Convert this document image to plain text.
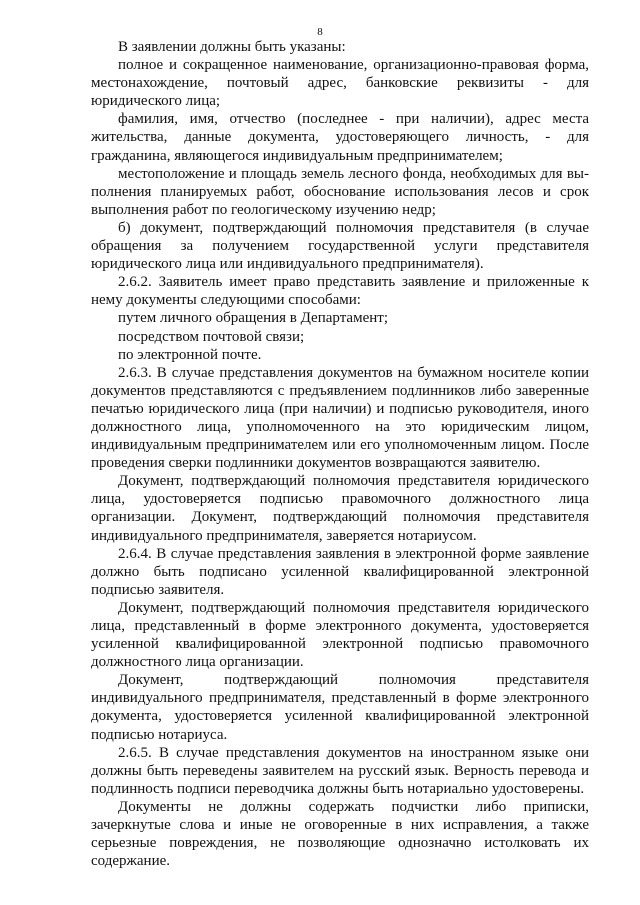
8

В заявлении должны быть указаны:

полное и сокращенное наименование, организационно-правовая форма, местонахождение, почтовый адрес, банковские реквизиты - для юридического лица;

фамилия, имя, отчество (последнее - при наличии), адрес места жительства, данные документа, удостоверяющего личность, - для гражданина, являющегося индивидуальным предпринимателем;

местоположение и площадь земель лесного фонда, необходимых для выполнения планируемых работ, обоснование использования лесов и срок выполнения работ по геологическому изучению недр;

б) документ, подтверждающий полномочия представителя (в случае обращения за получением государственной услуги представителя юридического лица или индивидуального предпринимателя).

2.6.2. Заявитель имеет право представить заявление и приложенные к нему документы следующими способами:

путем личного обращения в Департамент;

посредством почтовой связи;

по электронной почте.

2.6.3. В случае представления документов на бумажном носителе копии документов представляются с предъявлением подлинников либо заверенные печатью юридического лица (при наличии) и подписью руководителя, иного должностного лица, уполномоченного на это юридическим лицом, индивидуальным предпринимателем или его уполномоченным лицом. После проведения сверки подлинники документов возвращаются заявителю.

Документ, подтверждающий полномочия представителя юридического лица, удостоверяется подписью правомочного должностного лица организации. Документ, подтверждающий полномочия представителя индивидуального предпринимателя, заверяется нотариусом.

2.6.4. В случае представления заявления в электронной форме заявление должно быть подписано усиленной квалифицированной электронной подписью заявителя.

Документ, подтверждающий полномочия представителя юридического лица, представленный в форме электронного документа, удостоверяется усиленной квалифицированной электронной подписью правомочного должностного лица организации.

Документ, подтверждающий полномочия представителя индивидуального предпринимателя, представленный в форме электронного документа, удостоверяется усиленной квалифицированной электронной подписью нотариуса.

2.6.5. В случае представления документов на иностранном языке они должны быть переведены заявителем на русский язык. Верность перевода и подлинность подписи переводчика должны быть нотариально удостоверены.

Документы не должны содержать подчистки либо приписки, зачеркнутые слова и иные не оговоренные в них исправления, а также серьезные повреждения, не позволяющие однозначно истолковать их содержание.
